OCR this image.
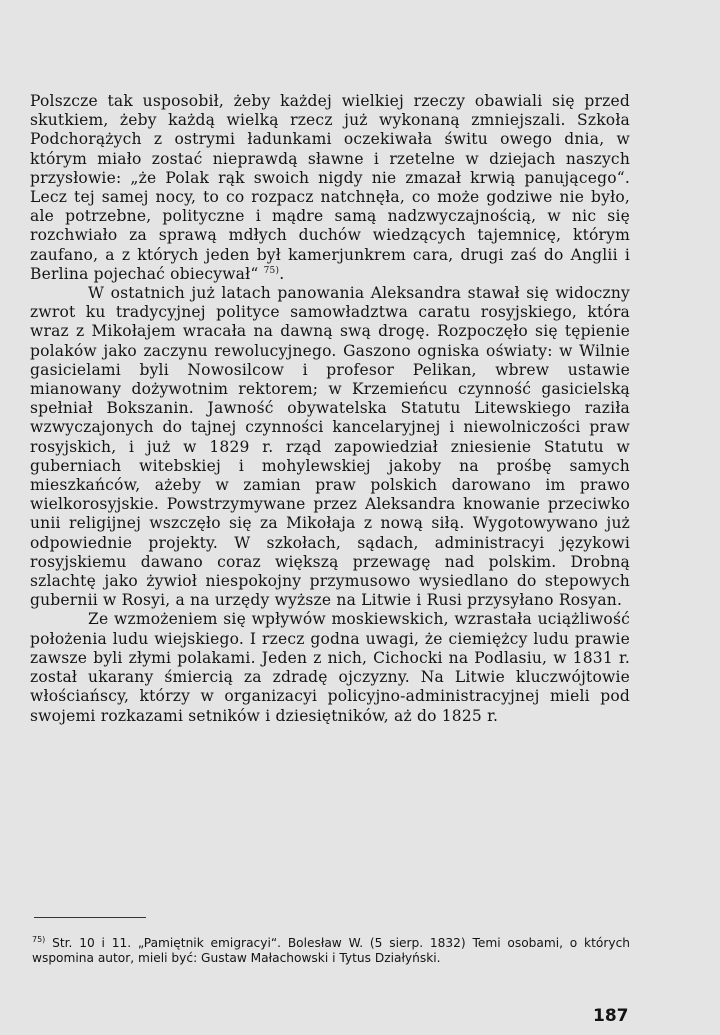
Polszcze tak usposobił, żeby każdej wielkiej rzeczy obawiali się przed skutkiem, żeby każdą wielką rzecz już wykonaną zmniejszali. Szkoła Podchorążych z ostrymi ładunkami oczekiwała świtu owego dnia, w którym miało zostać nieprawdą sławne i rzetelne w dziejach naszych przysłowie: „że Polak rąk swoich nigdy nie zmazał krwią panującego“. Lecz tej samej nocy, to co rozpacz natchnęła, co może godziwe nie było, ale potrzebne, polityczne i mądre samą nadzwyczajnością, w nic się rozchwiało za sprawą mdłych duchów wiedzących tajemnicę, którym zaufano, a z których jeden był kamerjunkrem cara, drugi zaś do Anglii i Berlina pojechać obiecywał“ $^{75)}$.

W ostatnich już latach panowania Aleksandra stawał się widoczny zwrot ku tradycyjnej polityce samowładztwa caratu rosyjskiego, która wraz z Mikołajem wracała na dawną swą drogę. Rozpoczęło się tępienie polaków jako zaczynu rewolucyjnego. Gaszono ogniska oświaty: w Wilnie gasicielami byli Nowosilcow i profesor Pelikan, wbrew ustawie mianowany dożywotnim rektorem; w Krzemieńcu czynność gasicielską spełniał Bokszanin. Jawność obywatelska Statutu Litewskiego raziła wzwyczajonych do tajnej czynności kancelaryjnej i niewolniczości praw rosyjskich, i już w 1829 r. rząd zapowiedział zniesienie Statutu w guberniach witebskiej i mohylewskiej jakoby na prośbę samych mieszkańców, ażeby w zamian praw polskich darowano im prawo wielkorosyjskie. Powstrzymywane przez Aleksandra knowanie przeciwko unii religijnej wszczęło się za Mikołaja z nową siłą. Wygotowywano już odpowiednie projekty. W szkołach, sądach, administracyi językowi rosyjskiemu dawano coraz większą przewagę nad polskim. Drobną szlachtę jako żywioł niespokojny przymusowo wysiedlano do stepowych gubernii w Rosyi, a na urzędy wyższe na Litwie i Rusi przysyłano Rosyan.

Ze wzmożeniem się wpływów moskiewskich, wzrastała uciążliwość położenia ludu wiejskiego. I rzecz godna uwagi, że ciemiężcy ludu prawie zawsze byli złymi polakami. Jeden z nich, Cichocki na Podlasiu, w 1831 r. został ukarany śmiercią za zdradę ojczyzny. Na Litwie kluczwójtowie włościańscy, którzy w organizacyi policyjno-administracyjnej mieli pod swojemi rozkazami setników i dziesiętników, aż do 1825 r.

$^{75)}$ Str. 10 i 11. „Pamiętnik emigracyi“. Bolesław W. (5 sierp. 1832) Temi osobami, o których wspomina autor, mieli być: Gustaw Małachowski i Tytus Działyński.
187
